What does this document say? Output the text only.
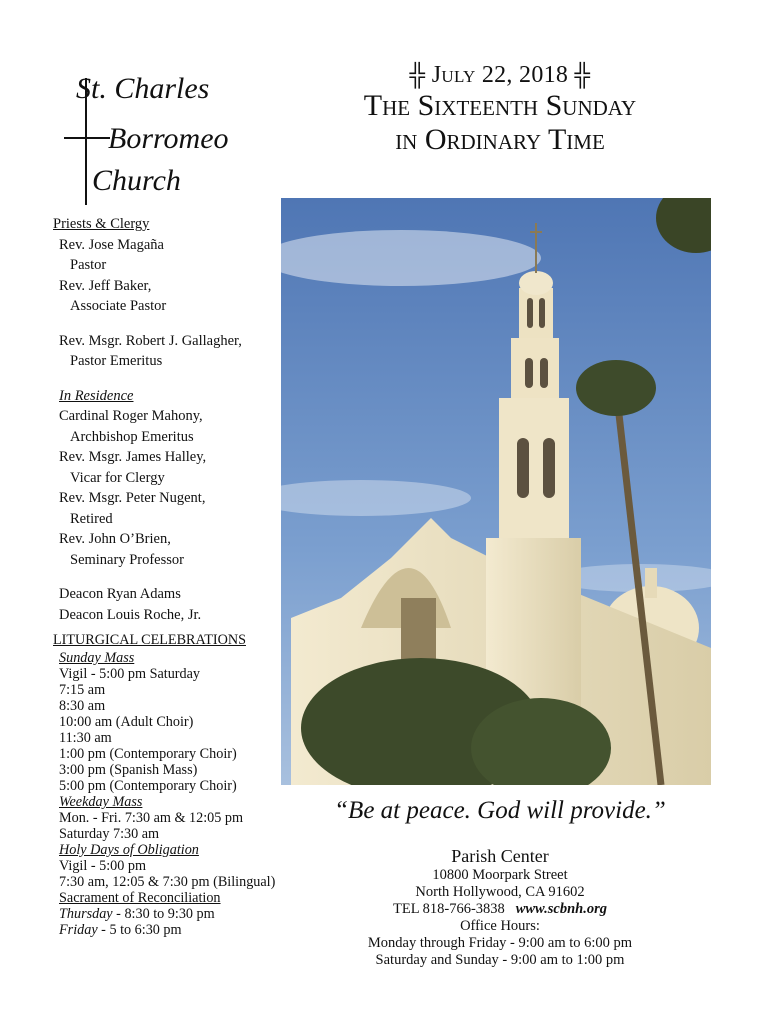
St. Charles
Borromeo
Church
╬ July 22, 2018 ╬
The Sixteenth Sunday
in Ordinary Time
Priests & Clergy
Rev. Jose Magaña
Pastor
Rev. Jeff Baker,
Associate Pastor
Rev. Msgr. Robert J. Gallagher,
Pastor Emeritus
In Residence
Cardinal Roger Mahony,
Archbishop Emeritus
Rev. Msgr. James Halley,
Vicar for Clergy
Rev. Msgr. Peter Nugent,
Retired
Rev. John O’Brien,
Seminary Professor
Deacon Ryan Adams
Deacon Louis Roche, Jr.
LITURGICAL CELEBRATIONS
Sunday Mass
Vigil - 5:00 pm Saturday
7:15 am
8:30 am
10:00 am (Adult Choir)
11:30 am
1:00 pm (Contemporary Choir)
3:00 pm (Spanish Mass)
5:00 pm (Contemporary Choir)
Weekday Mass
Mon. - Fri. 7:30 am & 12:05 pm
Saturday 7:30 am
Holy Days of Obligation
Vigil - 5:00 pm
7:30 am, 12:05 & 7:30 pm (Bilingual)
Sacrament of Reconciliation
Thursday - 8:30 to 9:30 pm
Friday - 5 to 6:30 pm
“Be at peace. God will provide.”
Parish Center
10800 Moorpark Street
North Hollywood, CA 91602
TEL 818-766-3838 www.scbnh.org
Office Hours:
Monday through Friday - 9:00 am to 6:00 pm
Saturday and Sunday - 9:00 am to 1:00 pm
